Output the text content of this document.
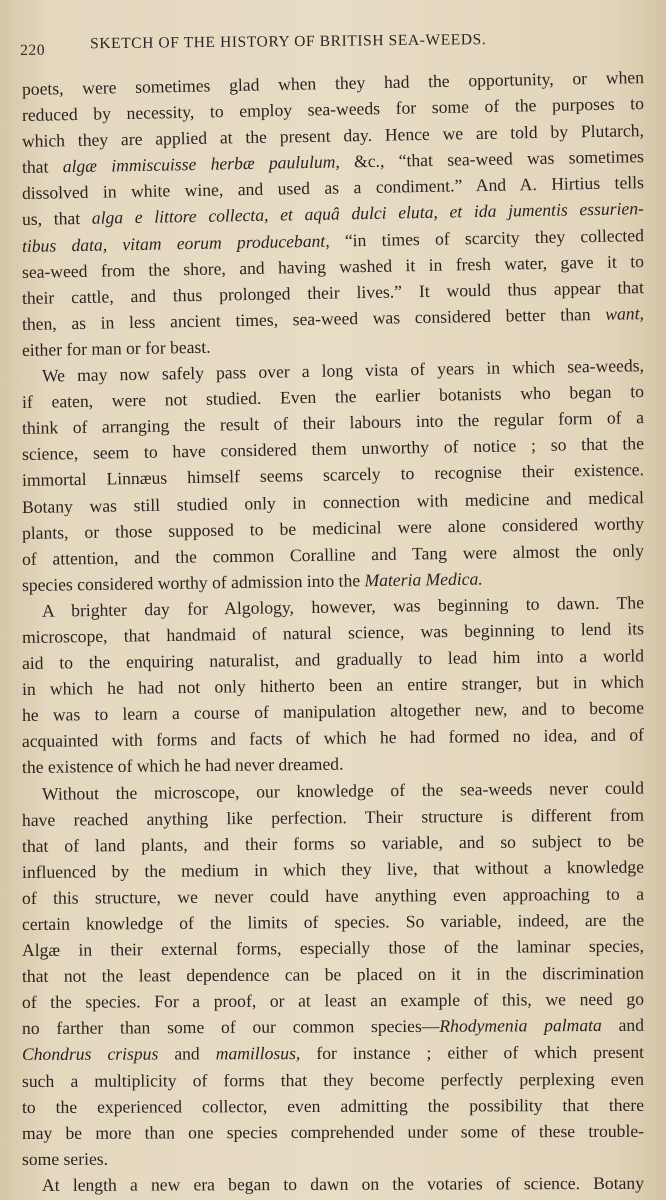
220	SKETCH OF THE HISTORY OF BRITISH SEA-WEEDS.
poets, were sometimes glad when they had the opportunity, or when
reduced by necessity, to employ sea-weeds for some of the purposes to
which they are applied at the present day. Hence we are told by Plutarch,
that algæ immiscuisse herbæ paululum, &c., “that sea-weed was sometimes
dissolved in white wine, and used as a condiment.” And A. Hirtius tells
us, that alga e littore collecta, et aquâ dulci eluta, et ida jumentis essurien-
tibus data, vitam eorum producebant, “in times of scarcity they collected
sea-weed from the shore, and having washed it in fresh water, gave it to
their cattle, and thus prolonged their lives.” It would thus appear that
then, as in less ancient times, sea-weed was considered better than want,
either for man or for beast.
We may now safely pass over a long vista of years in which sea-weeds,
if eaten, were not studied. Even the earlier botanists who began to
think of arranging the result of their labours into the regular form of a
science, seem to have considered them unworthy of notice ; so that the
immortal Linnæus himself seems scarcely to recognise their existence.
Botany was still studied only in connection with medicine and medical
plants, or those supposed to be medicinal were alone considered worthy
of attention, and the common Coralline and Tang were almost the only
species considered worthy of admission into the Materia Medica.
A brighter day for Algology, however, was beginning to dawn. The
microscope, that handmaid of natural science, was beginning to lend its
aid to the enquiring naturalist, and gradually to lead him into a world
in which he had not only hitherto been an entire stranger, but in which
he was to learn a course of manipulation altogether new, and to become
acquainted with forms and facts of which he had formed no idea, and of
the existence of which he had never dreamed.
Without the microscope, our knowledge of the sea-weeds never could
have reached anything like perfection. Their structure is different from
that of land plants, and their forms so variable, and so subject to be
influenced by the medium in which they live, that without a knowledge
of this structure, we never could have anything even approaching to a
certain knowledge of the limits of species. So variable, indeed, are the
Algæ in their external forms, especially those of the laminar species,
that not the least dependence can be placed on it in the discrimination
of the species. For a proof, or at least an example of this, we need go
no farther than some of our common species—Rhodymenia palmata and
Chondrus crispus and mamillosus, for instance ; either of which present
such a multiplicity of forms that they become perfectly perplexing even
to the experienced collector, even admitting the possibility that there
may be more than one species comprehended under some of these trouble-
some series.
At length a new era began to dawn on the votaries of science. Botany
